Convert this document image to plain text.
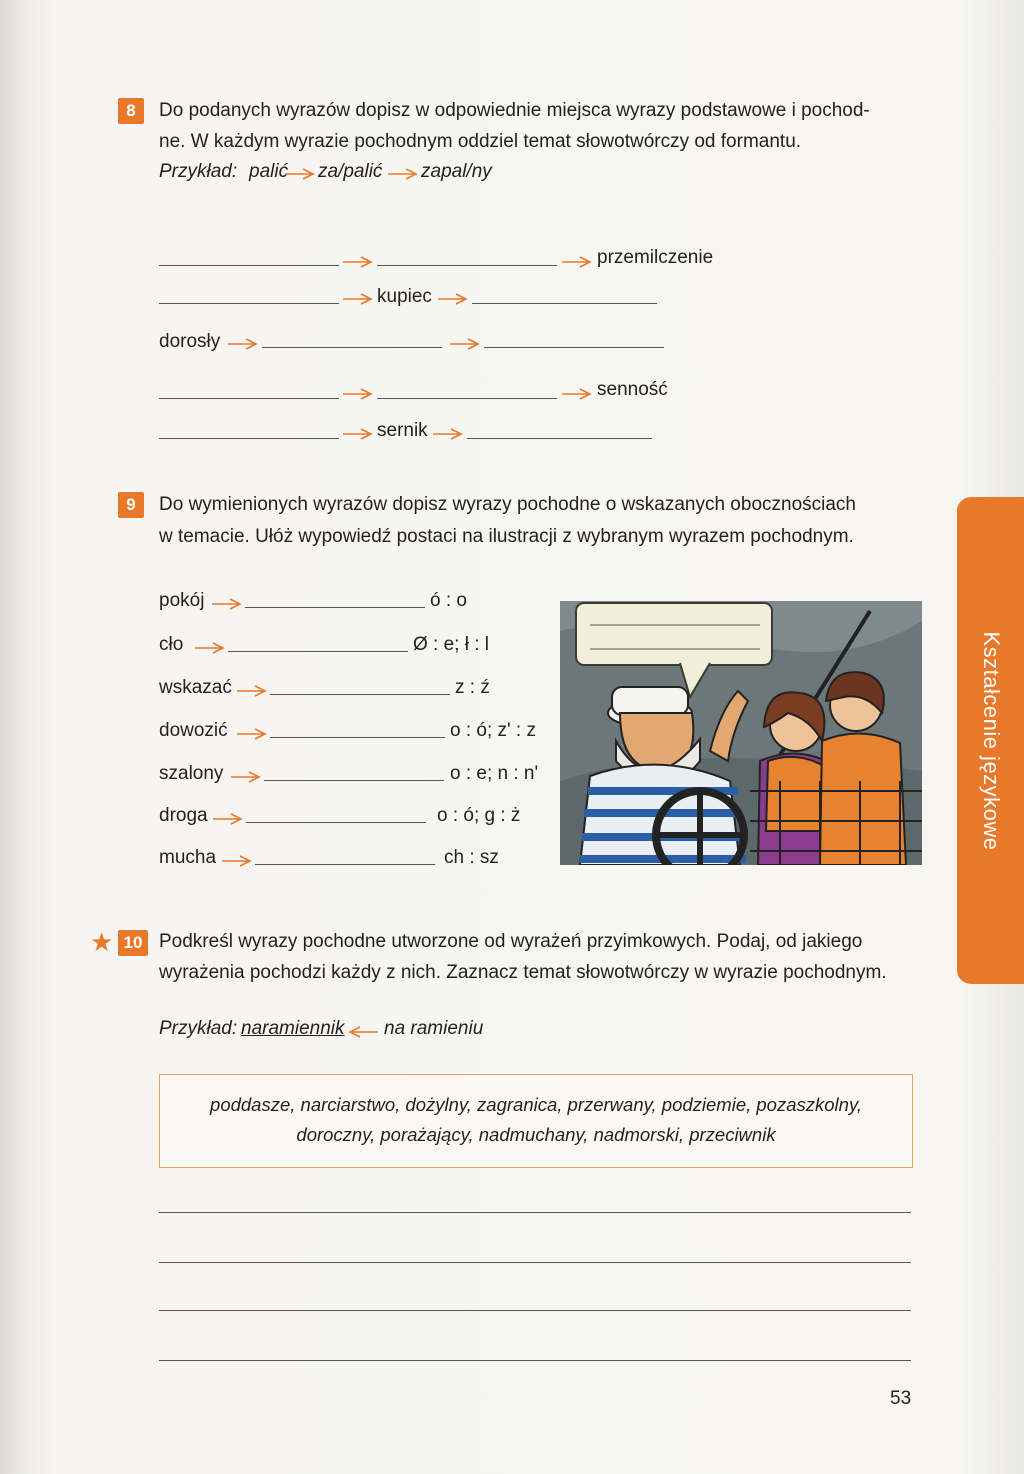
8	Do podanych wyrazów dopisz w odpowiednie miejsca wyrazy podstawowe i pochod-
ne. W każdym wyrazie pochodnym oddziel temat słowotwórczy od formantu.
Przykład: palić za/palić zapal/ny
przemilczenie
kupiec
dorosły
senność
sernik
9	Do wymienionych wyrazów dopisz wyrazy pochodne o wskazanych obocznościach
w temacie. Ułóż wypowiedź postaci na ilustracji z wybranym wyrazem pochodnym.
pokój	ó : o
cło	Ø : e; ł : l
wskazać	z : ź
dowozić	o : ó; z' : z
szalony	o : e; n : n'
droga	o : ó; g : ż
mucha	ch : sz
★ 10 Podkreśl wyrazy pochodne utworzone od wyrażeń przyimkowych. Podaj, od jakiego
wyrażenia pochodzi każdy z nich. Zaznacz temat słowotwórczy w wyrazie pochodnym.
Przykład: naramiennik na ramieniu
poddasze, narciarstwo, dożylny, zagranica, przerwany, podziemie, pozaszkolny,
doroczny, porażający, nadmuchany, nadmorski, przeciwnik
Kształcenie językowe
53
